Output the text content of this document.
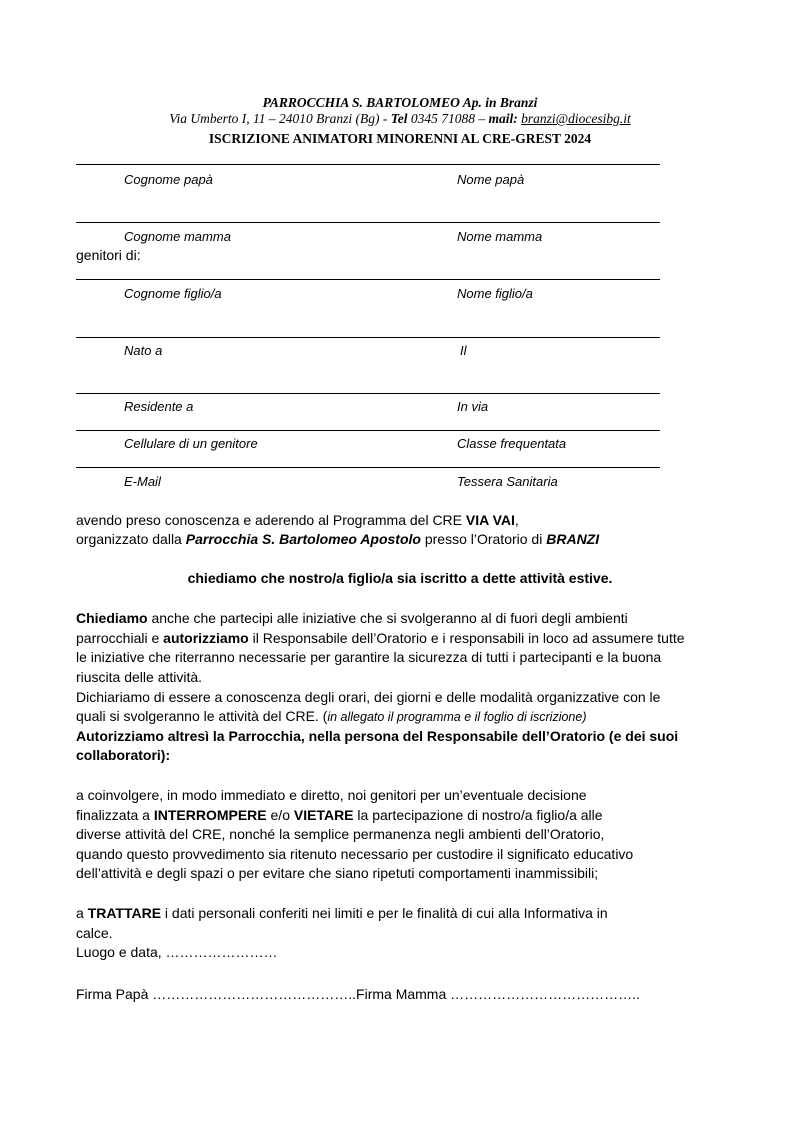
PARROCCHIA S. BARTOLOMEO Ap. in Branzi
Via Umberto I, 11 – 24010 Branzi (Bg) - Tel 0345 71088 – mail: branzi@diocesibg.it
ISCRIZIONE ANIMATORI MINORENNI AL CRE-GREST 2024
Cognome papà	Nome papà
Cognome mamma	Nome mamma
genitori di:
Cognome figlio/a	Nome figlio/a
Nato a	Il
Residente a	In via
Cellulare di un genitore	Classe frequentata
E-Mail	Tessera Sanitaria
avendo preso conoscenza e aderendo al Programma del CRE VIA VAI,
organizzato dalla Parrocchia S. Bartolomeo Apostolo presso l’Oratorio di BRANZI
chiediamo che nostro/a figlio/a sia iscritto a dette attività estive.
Chiediamo anche che partecipi alle iniziative che si svolgeranno al di fuori degli ambienti
parrocchiali e autorizziamo il Responsabile dell’Oratorio e i responsabili in loco ad assumere tutte
le iniziative che riterranno necessarie per garantire la sicurezza di tutti i partecipanti e la buona
riuscita delle attività.
Dichiariamo di essere a conoscenza degli orari, dei giorni e delle modalità organizzative con le
quali si svolgeranno le attività del CRE. (in allegato il programma e il foglio di iscrizione)
Autorizziamo altresì la Parrocchia, nella persona del Responsabile dell’Oratorio (e dei suoi
collaboratori):
a coinvolgere, in modo immediato e diretto, noi genitori per un’eventuale decisione
finalizzata a INTERROMPERE e/o VIETARE la partecipazione di nostro/a figlio/a alle
diverse attività del CRE, nonché la semplice permanenza negli ambienti dell’Oratorio,
quando questo provvedimento sia ritenuto necessario per custodire il significato educativo
dell’attività e degli spazi o per evitare che siano ripetuti comportamenti inammissibili;
a TRATTARE i dati personali conferiti nei limiti e per le finalità di cui alla Informativa in
calce.
Luogo e data, ……………………
Firma Papà ……………………………………..Firma Mamma …………………………………..
